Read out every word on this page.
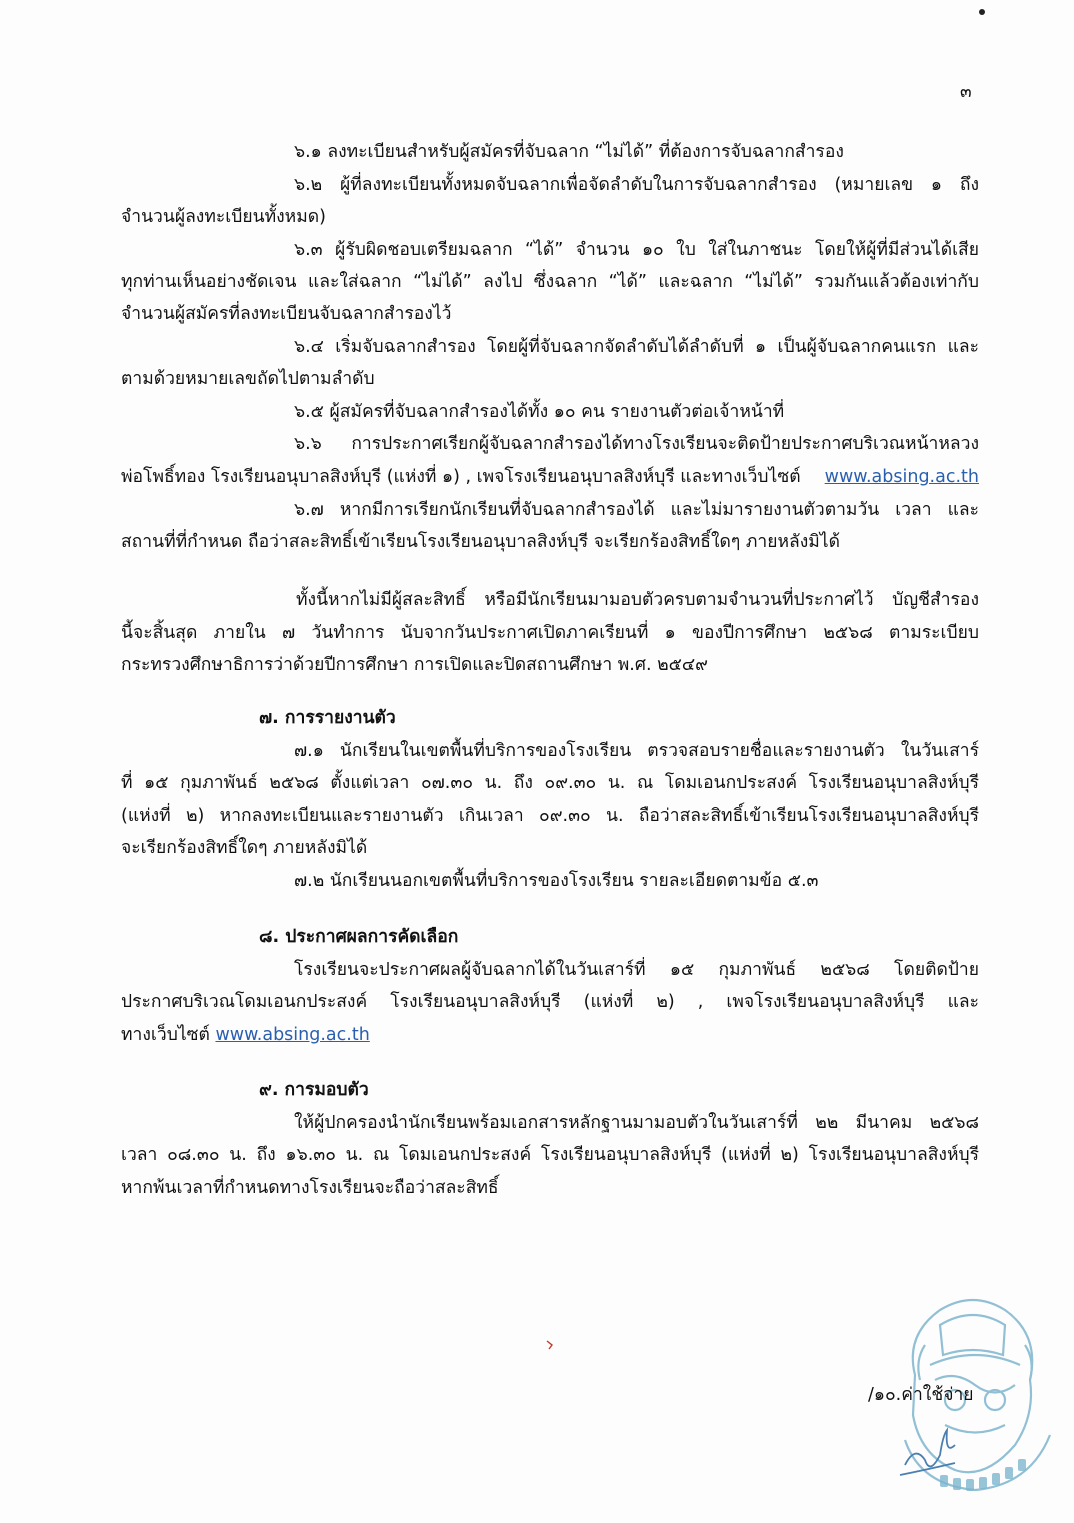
๓
๖.๑ ลงทะเบียนสำหรับผู้สมัครที่จับฉลาก “ไม่ได้” ที่ต้องการจับฉลากสำรอง
๖.๒ ผู้ที่ลงทะเบียนทั้งหมดจับฉลากเพื่อจัดลำดับในการจับฉลากสำรอง (หมายเลข ๑ ถึง
จำนวนผู้ลงทะเบียนทั้งหมด)
๖.๓ ผู้รับผิดชอบเตรียมฉลาก “ได้” จำนวน ๑๐ ใบ ใส่ในภาชนะ โดยให้ผู้ที่มีส่วนได้เสีย
ทุกท่านเห็นอย่างชัดเจน และใส่ฉลาก “ไม่ได้” ลงไป ซึ่งฉลาก “ได้” และฉลาก “ไม่ได้” รวมกันแล้วต้องเท่ากับ
จำนวนผู้สมัครที่ลงทะเบียนจับฉลากสำรองไว้
๖.๔ เริ่มจับฉลากสำรอง โดยผู้ที่จับฉลากจัดลำดับได้ลำดับที่ ๑ เป็นผู้จับฉลากคนแรก และ
ตามด้วยหมายเลขถัดไปตามลำดับ
๖.๕ ผู้สมัครที่จับฉลากสำรองได้ทั้ง ๑๐ คน รายงานตัวต่อเจ้าหน้าที่
๖.๖ การประกาศเรียกผู้จับฉลากสำรองได้ทางโรงเรียนจะติดป้ายประกาศบริเวณหน้าหลวง
พ่อโพธิ์ทอง โรงเรียนอนุบาลสิงห์บุรี (แห่งที่ ๑) , เพจโรงเรียนอนุบาลสิงห์บุรี และทางเว็บไซต์ www.absing.ac.th
๖.๗ หากมีการเรียกนักเรียนที่จับฉลากสำรองได้ และไม่มารายงานตัวตามวัน เวลา และ
สถานที่ที่กำหนด ถือว่าสละสิทธิ์เข้าเรียนโรงเรียนอนุบาลสิงห์บุรี จะเรียกร้องสิทธิ์ใดๆ ภายหลังมิได้
ทั้งนี้หากไม่มีผู้สละสิทธิ์ หรือมีนักเรียนมามอบตัวครบตามจำนวนที่ประกาศไว้ บัญชีสำรอง
นี้จะสิ้นสุด ภายใน ๗ วันทำการ นับจากวันประกาศเปิดภาคเรียนที่ ๑ ของปีการศึกษา ๒๕๖๘ ตามระเบียบ
กระทรวงศึกษาธิการว่าด้วยปีการศึกษา การเปิดและปิดสถานศึกษา พ.ศ. ๒๕๔๙
๗. การรายงานตัว
๗.๑ นักเรียนในเขตพื้นที่บริการของโรงเรียน ตรวจสอบรายชื่อและรายงานตัว ในวันเสาร์
ที่ ๑๕ กุมภาพันธ์ ๒๕๖๘ ตั้งแต่เวลา ๐๗.๓๐ น. ถึง ๐๙.๓๐ น. ณ โดมเอนกประสงค์ โรงเรียนอนุบาลสิงห์บุรี
(แห่งที่ ๒) หากลงทะเบียนและรายงานตัว เกินเวลา ๐๙.๓๐ น. ถือว่าสละสิทธิ์เข้าเรียนโรงเรียนอนุบาลสิงห์บุรี
จะเรียกร้องสิทธิ์ใดๆ ภายหลังมิได้
๗.๒ นักเรียนนอกเขตพื้นที่บริการของโรงเรียน รายละเอียดตามข้อ ๕.๓
๘. ประกาศผลการคัดเลือก
โรงเรียนจะประกาศผลผู้จับฉลากได้ในวันเสาร์ที่ ๑๕ กุมภาพันธ์ ๒๕๖๘ โดยติดป้าย
ประกาศบริเวณโดมเอนกประสงค์ โรงเรียนอนุบาลสิงห์บุรี (แห่งที่ ๒) , เพจโรงเรียนอนุบาลสิงห์บุรี และ
ทางเว็บไซต์ www.absing.ac.th
๙. การมอบตัว
ให้ผู้ปกครองนำนักเรียนพร้อมเอกสารหลักฐานมามอบตัวในวันเสาร์ที่ ๒๒ มีนาคม ๒๕๖๘
เวลา ๐๘.๓๐ น. ถึง ๑๖.๓๐ น. ณ โดมเอนกประสงค์ โรงเรียนอนุบาลสิงห์บุรี (แห่งที่ ๒) โรงเรียนอนุบาลสิงห์บุรี
หากพ้นเวลาที่กำหนดทางโรงเรียนจะถือว่าสละสิทธิ์
/๑๐.ค่าใช้จ่าย
